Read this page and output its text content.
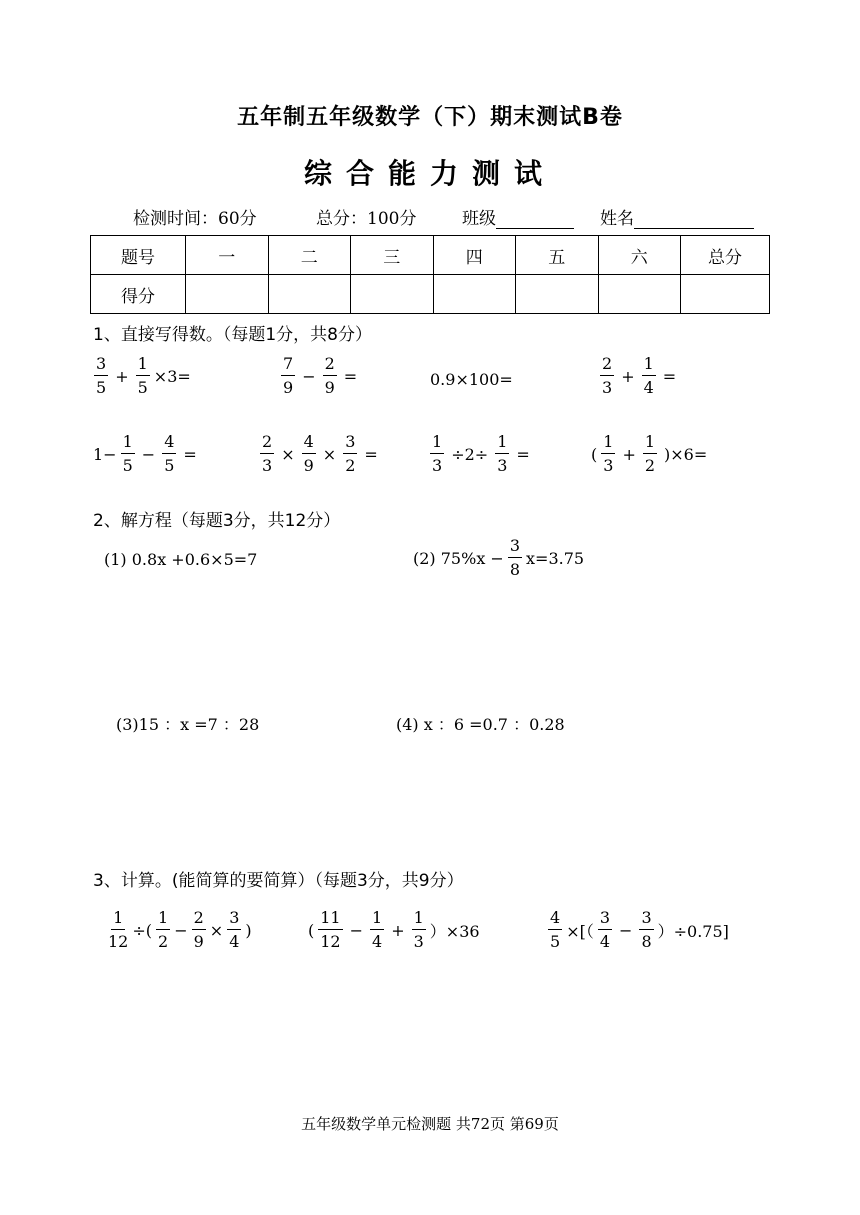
五年制五年级数学（下）期末测试B卷
综合能力测试
检测时间：60分	总分：100分	班级	姓名
题号	一	二	三	四	五	六	总分
得分							
1、直接写得数。（每题1分，共8分）
$\frac{3}{5} + \frac{1}{5} \times 3=$	$\frac{7}{9} - \frac{2}{9}$ =	0.9×100=	$\frac{2}{3} + \frac{1}{4}$ =
$1- \frac{1}{5} - \frac{4}{5}$ =	$\frac{2}{3} \times \frac{4}{9} \times \frac{3}{2}$ =	$\frac{1}{3} \div 2\div \frac{1}{3}$ =	( $\frac{1}{3} + \frac{1}{2} )\times 6=$
2、解方程（每题3分，共12分）
(1) 0.8x +0.6×5=7	(2) $75\%x - \frac{3}{8} x=3.75$
(3)15 ：x =7 ：28	(4) x ：6 =0.7 ：0.28
3、计算。(能简算的要简算）（每题3分，共9分）
$\frac{1}{12}$ ÷( $\frac{1}{2} - \frac{2}{9} \times \frac{3}{4}$ )	( $\frac{11}{12} - \frac{1}{4} + \frac{1}{3} )\times 36$	$\frac{4}{5}$ ×[（ $\frac{3}{4} - \frac{3}{8} )\div 0.75$]
五年级数学单元检测题 共72页 第69页
